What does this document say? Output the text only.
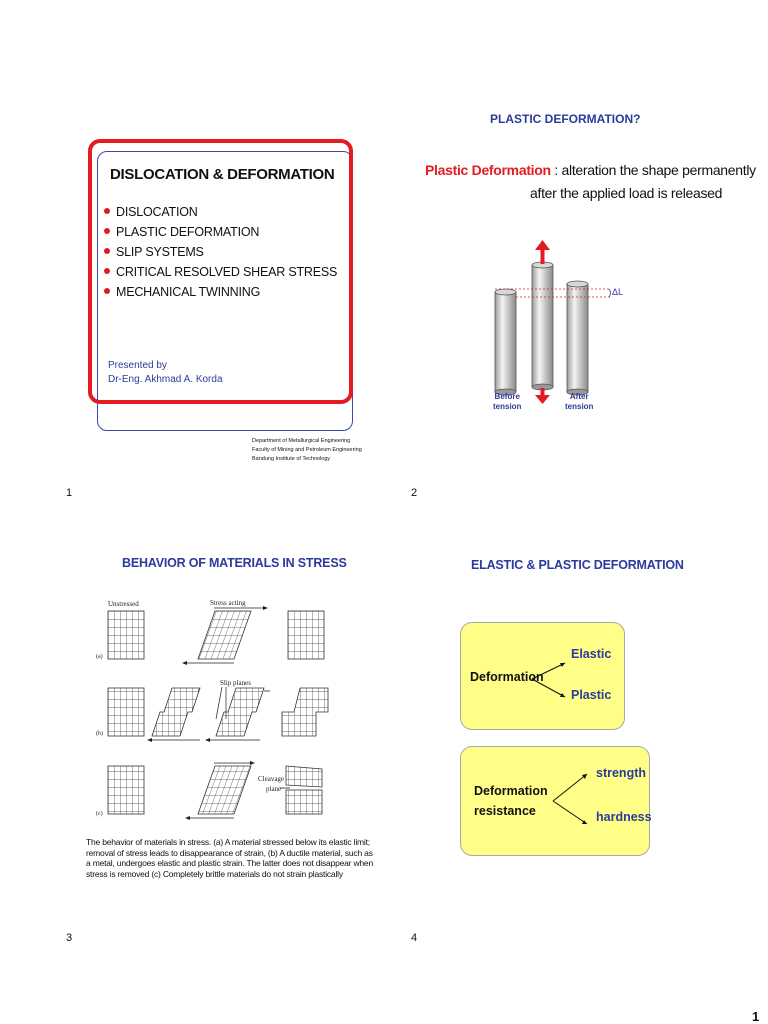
DISLOCATION & DEFORMATION
DISLOCATION
PLASTIC DEFORMATION
SLIP SYSTEMS
CRITICAL RESOLVED SHEAR STRESS
MECHANICAL TWINNING
Presented by
Dr-Eng. Akhmad A. Korda
Department of Metallurgical Engineering
Faculty of Mining and Petroleum Engineering
Bandung Institute of Technology
1
PLASTIC DEFORMATION?
Plastic Deformation : alteration the shape permanently
after the applied load is released
ΔL
Before
tension
After
tension
2
BEHAVIOR OF MATERIALS IN STRESS
Unstressed	Stress acting
(a)
Slip planes
(b)
Cleavage
plane
(c)
The behavior of materials in stress. (a) A material stressed below its elastic limit; removal of stress leads to disappearance of strain, (b) A ductile material, such as a metal, undergoes elastic and plastic strain. The latter does not disappear when stress is removed (c) Completely brittle materials do not strain plastically
3
ELASTIC & PLASTIC DEFORMATION
Deformation
Elastic
Plastic
Deformation
resistance
strength
hardness
4
1
